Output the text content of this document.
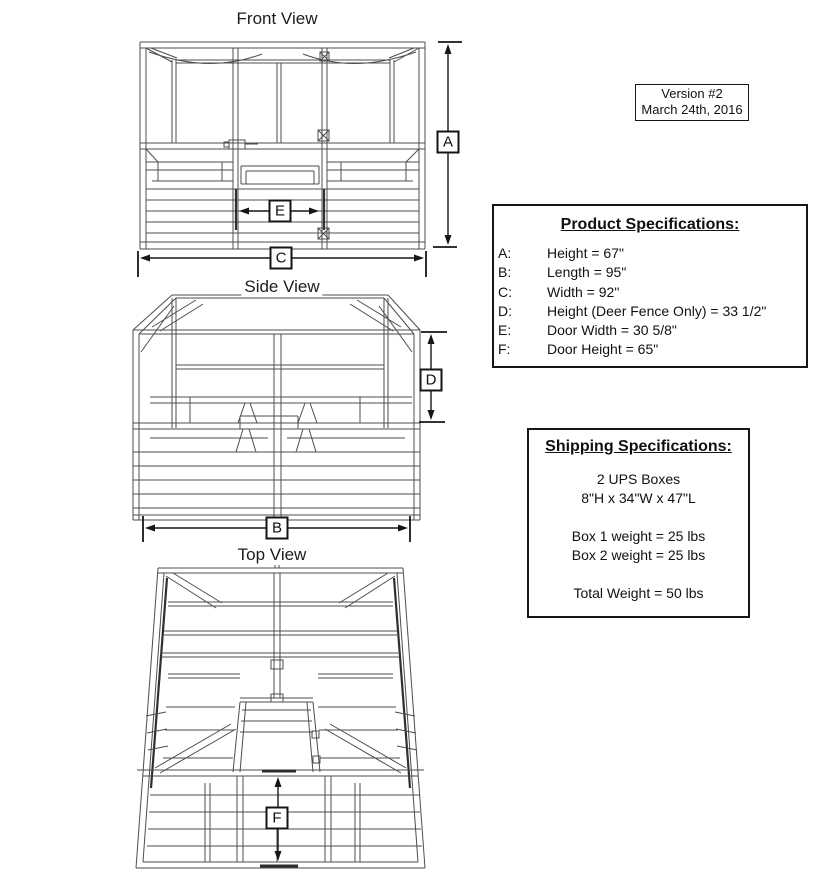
Front View
Side View
Top View
A
C
E
D
B
F
Version #2
March 24th, 2016
Product Specifications:
A:	Height = 67"
B:	Length = 95"
C:	Width = 92"
D:	Height (Deer Fence Only) = 33 1/2"
E:	Door Width = 30 5/8"
F:	Door Height = 65"
Shipping Specifications:
2 UPS Boxes
8"H x 34"W x 47"L
Box 1 weight = 25 lbs
Box 2 weight = 25 lbs
Total Weight = 50 lbs
